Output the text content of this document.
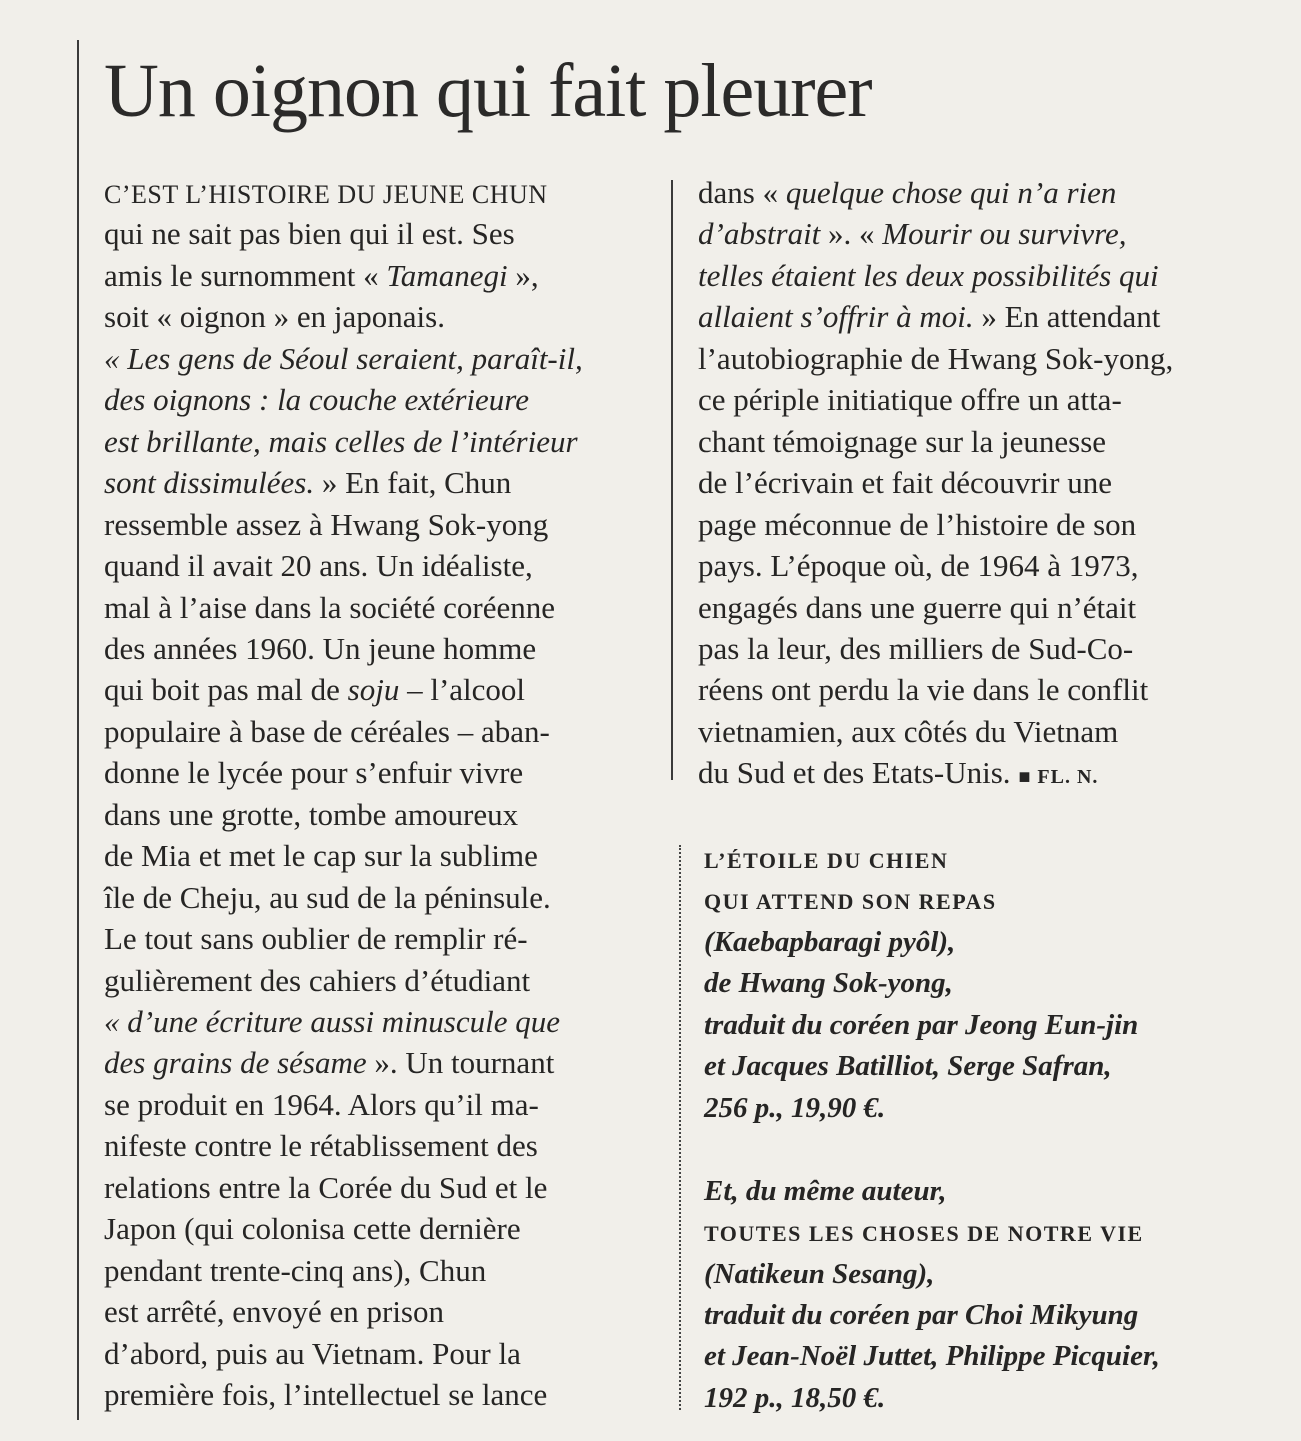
Un oignon qui fait pleurer
C’EST L’HISTOIRE DU JEUNE CHUN
qui ne sait pas bien qui il est. Ses
amis le surnomment « Tamanegi »,
soit « oignon » en japonais.
« Les gens de Séoul seraient, paraît-il,
des oignons : la couche extérieure
est brillante, mais celles de l’intérieur
sont dissimulées. » En fait, Chun
ressemble assez à Hwang Sok-yong
quand il avait 20 ans. Un idéaliste,
mal à l’aise dans la société coréenne
des années 1960. Un jeune homme
qui boit pas mal de soju – l’alcool
populaire à base de céréales – aban-
donne le lycée pour s’enfuir vivre
dans une grotte, tombe amoureux
de Mia et met le cap sur la sublime
île de Cheju, au sud de la péninsule.
Le tout sans oublier de remplir ré-
gulièrement des cahiers d’étudiant
« d’une écriture aussi minuscule que
des grains de sésame ». Un tournant
se produit en 1964. Alors qu’il ma-
nifeste contre le rétablissement des
relations entre la Corée du Sud et le
Japon (qui colonisa cette dernière
pendant trente-cinq ans), Chun
est arrêté, envoyé en prison
d’abord, puis au Vietnam. Pour la
première fois, l’intellectuel se lance
dans « quelque chose qui n’a rien
d’abstrait ». « Mourir ou survivre,
telles étaient les deux possibilités qui
allaient s’offrir à moi. » En attendant
l’autobiographie de Hwang Sok-yong,
ce périple initiatique offre un atta-
chant témoignage sur la jeunesse
de l’écrivain et fait découvrir une
page méconnue de l’histoire de son
pays. L’époque où, de 1964 à 1973,
engagés dans une guerre qui n’était
pas la leur, des milliers de Sud-Co-
réens ont perdu la vie dans le conflit
vietnamien, aux côtés du Vietnam
du Sud et des Etats-Unis. ■ FL. N.
L’ÉTOILE DU CHIEN
QUI ATTEND SON REPAS
(Kaebapbaragi pyôl),
de Hwang Sok-yong,
traduit du coréen par Jeong Eun-jin
et Jacques Batilliot, Serge Safran,
256 p., 19,90 €.
Et, du même auteur,
TOUTES LES CHOSES DE NOTRE VIE
(Natikeun Sesang),
traduit du coréen par Choi Mikyung
et Jean-Noël Juttet, Philippe Picquier,
192 p., 18,50 €.
